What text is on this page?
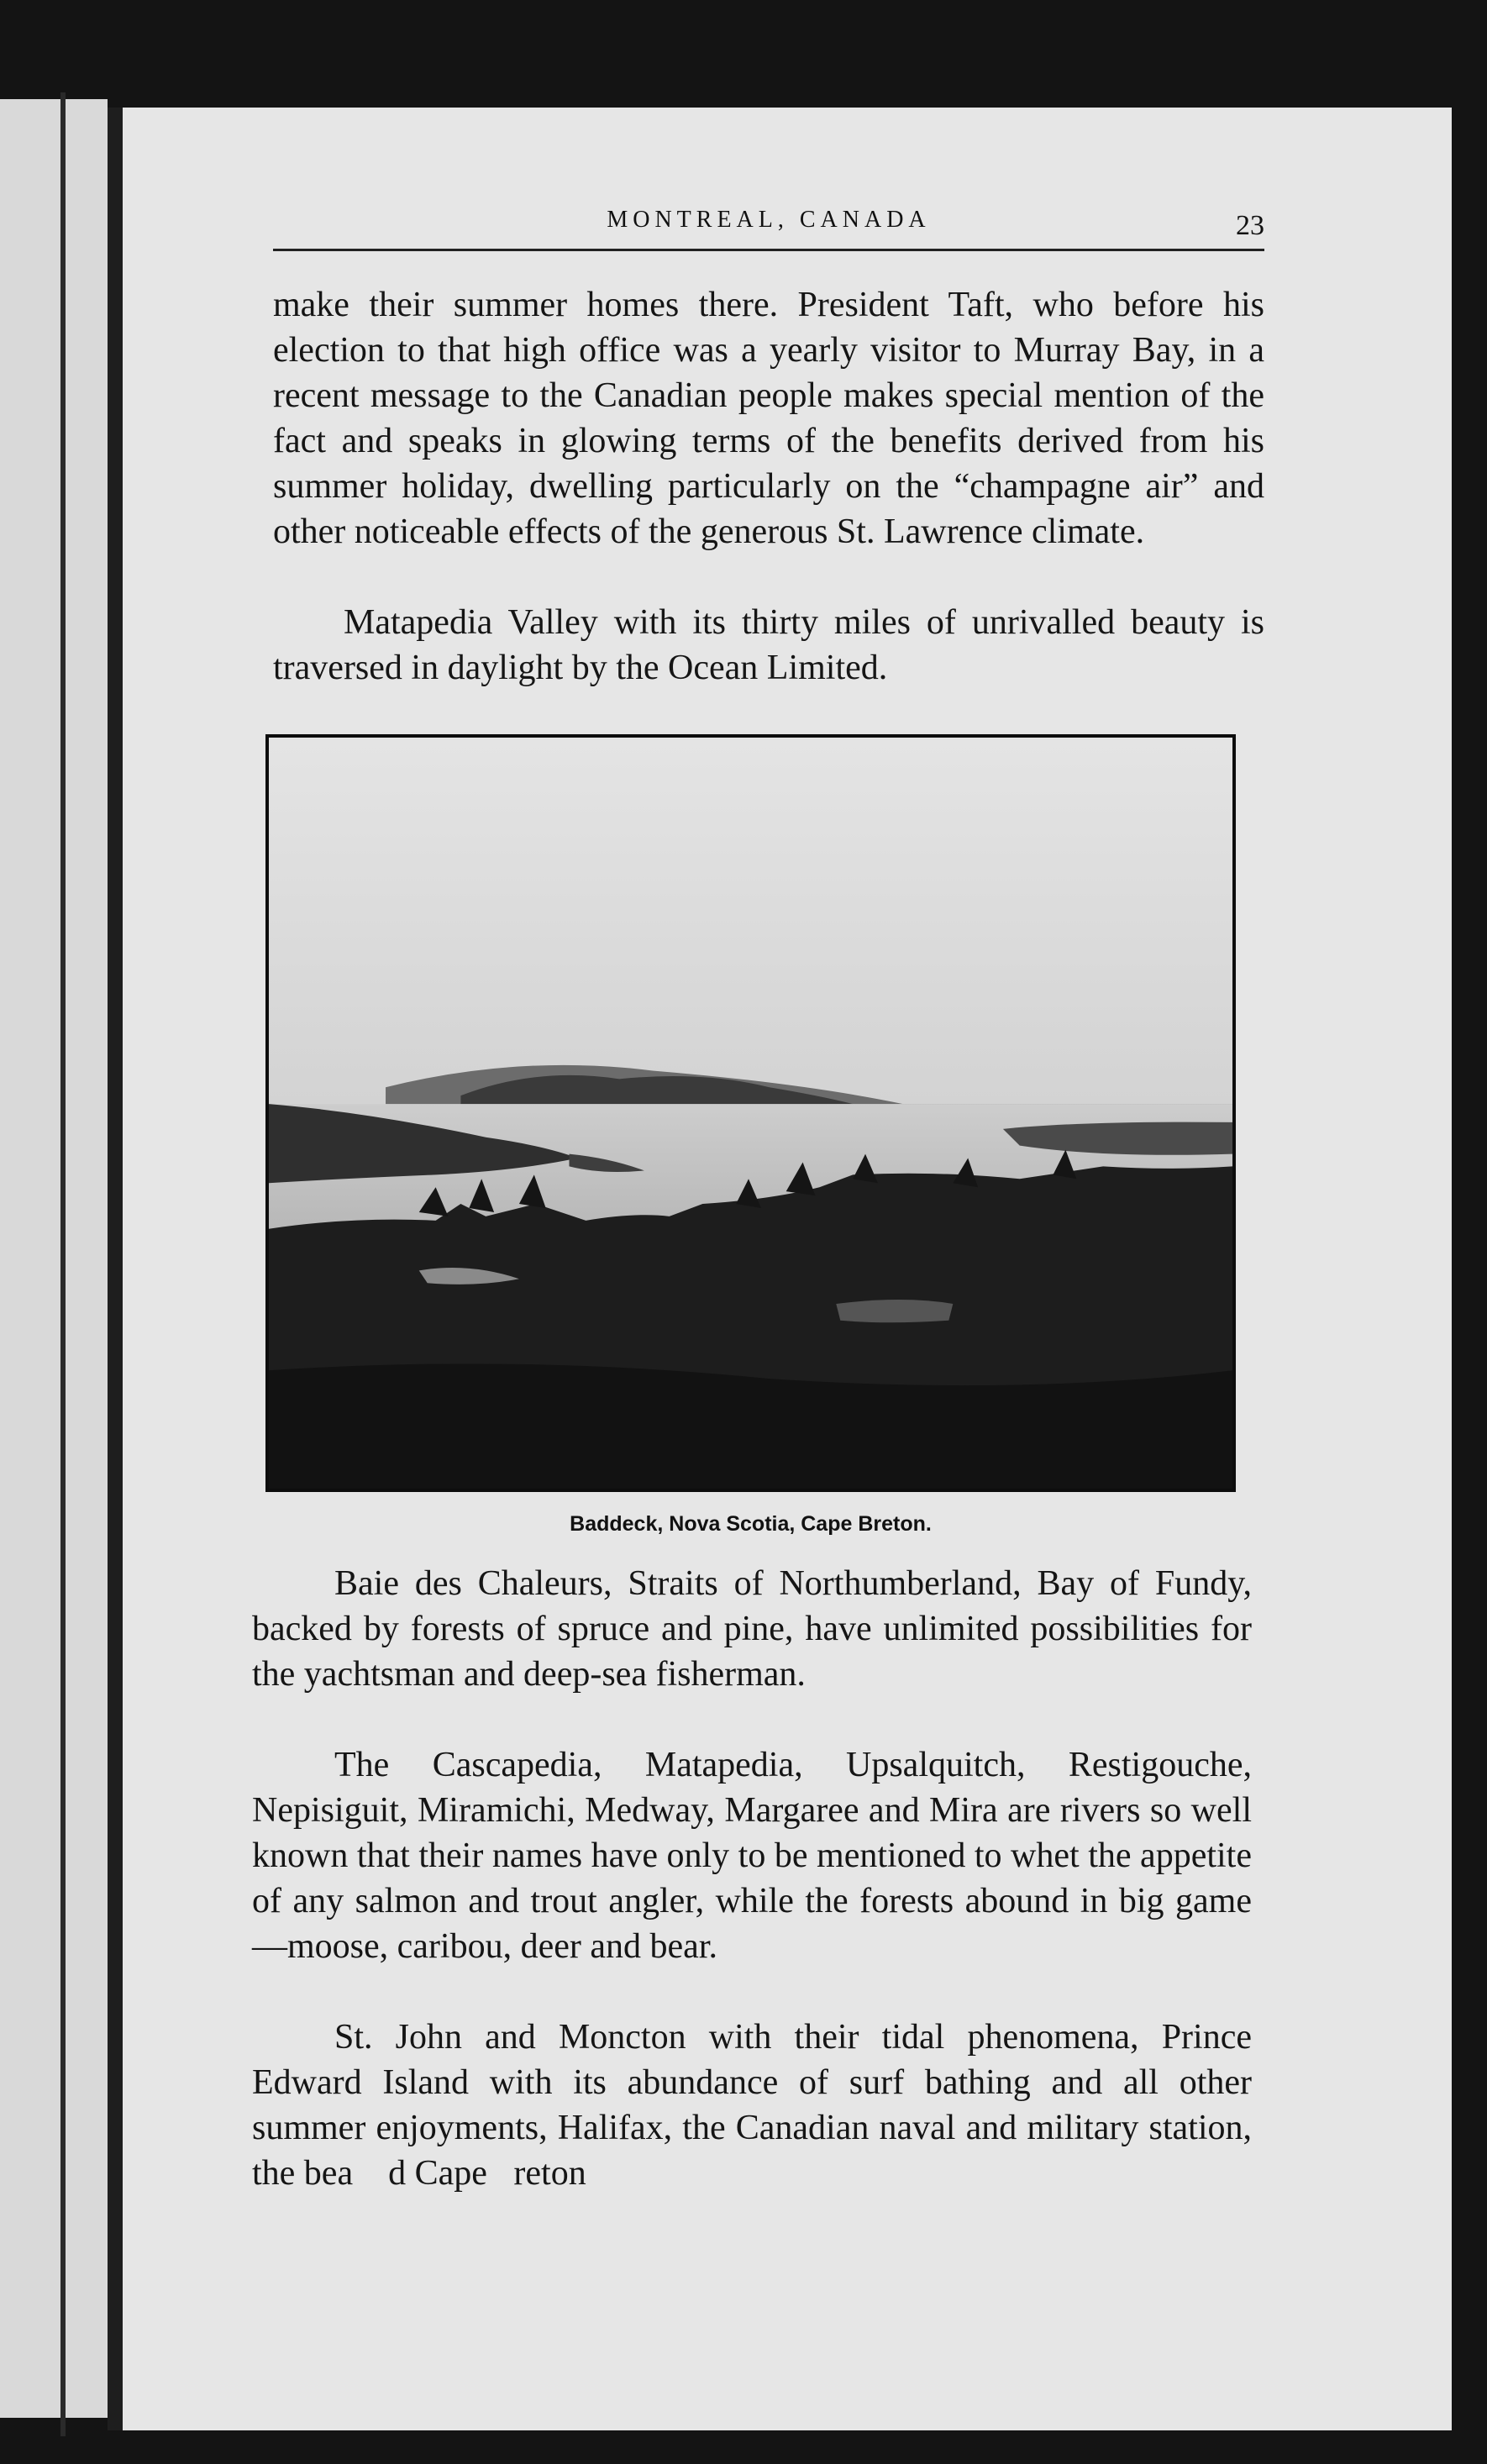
MONTREAL, CANADA	23

make their summer homes there. President Taft, who before his election to that high office was a yearly visitor to Murray Bay, in a recent message to the Canadian people makes special mention of the fact and speaks in glowing terms of the benefits derived from his summer holiday, dwelling particularly on the “champagne air” and other noticeable effects of the generous St. Lawrence climate.

Matapedia Valley with its thirty miles of unrivalled beauty is traversed in daylight by the Ocean Limited.

Baddeck, Nova Scotia, Cape Breton.

Baie des Chaleurs, Straits of Northumberland, Bay of Fundy, backed by forests of spruce and pine, have unlimited possibilities for the yachtsman and deep-sea fisherman.

The Cascapedia, Matapedia, Upsalquitch, Restigouche, Nepisiguit, Miramichi, Medway, Margaree and Mira are rivers so well known that their names have only to be mentioned to whet the appetite of any salmon and trout angler, while the forests abound in big game—moose, caribou, deer and bear.

St. John and Moncton with their tidal phenomena, Prince Edward Island with its abundance of surf bathing and all other summer enjoyments, Halifax, the Canadian naval and military station, the bea    d Cape   reton
